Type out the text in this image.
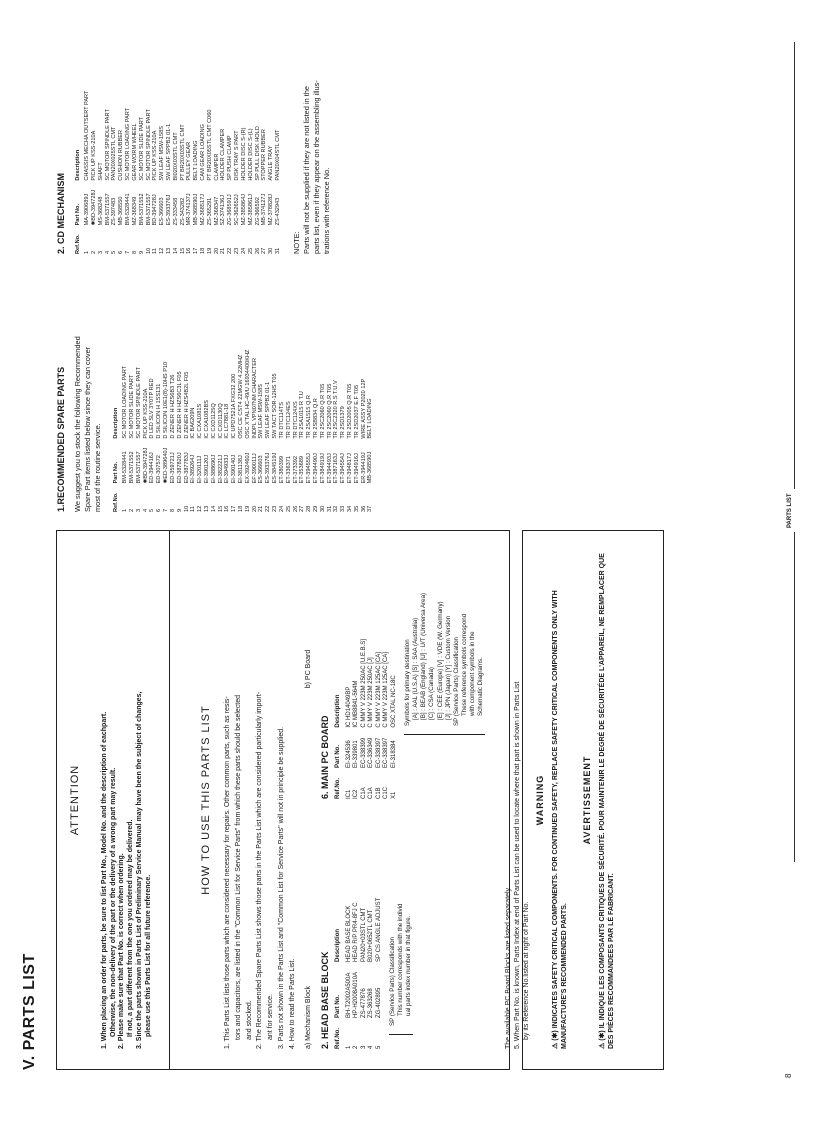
V. PARTS LIST
ATTENTION	1. When placing an order for parts, be sure to list Part No., Model No. and the description of eachpart. Otherwise, the non-delivery of the part or the delivery of a wrong part may result. 2. Please make sure that Part No. is correct when ordering. If not, a part different from the one you ordered may be delivered. 3. Since the parts shown in Parts List of Preliminary Service Manual may have been the subject of changes, please use this Parts List for all future reference.
HOW TO USE THIS PARTS LIST 1. This Parts List lists those parts which are considered necessary for repairs. Other common parts, such as resis- tors and capacitors, are listed in the "Common List for Service Parts" from which these parts should be selected and stocked. 2. The Recommended Spare Parts List shows those parts in the Parts List which are considered particularly import- ant for service. 3. Parts not shown in the Parts List and "Common List for Service Parts" will not in principle be supplied. 4. How to read the Parts List. a) Mechanism Block 2. HEAD BASE BLOCK Ref.No.	Part No.	Description
1	BH-T2002A500A	HEAD BASE BLOCK
2	HP-H2008A010A	HEAD R/P PR4-8FJ C
3	ZS-477876	PAN20+03STL CMT
4	ZS-363268	B020+0652TL CMT
5	ZG-402895	SP CS ANGLE ADJUST
SP (Service Parts) Classification This number corresponds with the individ ual parts index number in that figure.
b) PC Board
6. MAIN PC BOARD Ref.No.	Part No.	Description
IC1	EI-324536	IC HD14049BP
IC2	EI-339801	IC MB8841-564M
C1A	EC-338399	C MMY V 223M 250AC [U.E.B.S]
C1A	EC-336349	C MMY V 223M 250AC [J]
C1B	EC-338397	C MMY V 223M 125AC [CA]
C1C	EC-338397	C MMY V 223M 125AC [CA]
X1	EI-318384	OSC XTAL NC-18C Symbols for primary destination [A] : AAL (U.S.A) [S] : SAA (Australia) [B] : BEAB (England) [U] : U/T (Universa Area) [C] : CSA (Canada) [E] : CEE (Europe) [V] : VDE (W. Germany) [J] : JPN (Japan) [Y] : Custom Version SP (Service Parts) Classification These reference symbols correspond with component symbols in the Schematic Diagrams.
The available PC Board Blocks are listed separately. 5. When Part No. is known, Parts Index at end of Parts List can be used to locate where that part is shown in Parts List by its Reference No.listed at right of Part No.
WARNING	⚠ (✱) INDICATES SAFETY CRITICAL COMPONENTS. FOR CONTINUED SAFETY, REPLACE SAFETY CRITICAL COMPONENTS ONLY WITH MANUFACTURE'S RECOMMENDED PARTS.
AVERTISSEMENT	⚠ (✱) IL INDIQUE LES COMPOSANTS CRITIQUES DE SÉCURITÉ. POUR MAINTENIR LE DEGRÉ DE SÉCURITÉDE L'APPAREIL, NE REMPLACER QUE DES PIÈCES RECOMMANDEES PAR LÉ FABRICANT.
1.RECOMMENDED SPARE PARTS We suggest you to stock the following Recommended Spare Part items listed below since they can cover most of the routine service. Ref.No.	Part No.	Description
1	BM-5328441	SC MOTOR LOADING PART
2	BM-5371552	SC MOTOR SLIDE PART
3	BM-5371557	SC MOTOR SPINDLE PART
4	✱BD-394728J	PICK UP KSS-210A
5	ED-394416J	D LED SLV 3Y0TP RED
6	ED-307572	D SILICON H 1SS131
7	✱ED-389640J	D SILICON 10E1(8)-10HS P10
8	ED-359721J	D ZENER H HZS6B3 T26
9	ED-387820J	D ZENER H HZS6C3L F05
10	ED-387783J	D ZENER H HZS4B2L F05
11	EI-389264J	IC BA6209N
12	EI-320111J	IC CXA1081S
13	EI-390120J	IC CXA1082BS
14	EI-388690J	IC CXD1125Q
15	EI-382221J	IC CXD1130Q
16	EI-394933J	IC LC7881-18
17	EI-390140J	IC UPD7521A FXG32 200
18	EI-381138J	OSC CE CST4 22MGW 4.22MHZ
19	EX-392460J	OSC X'TAL HC-49/U 16934400KHZ
20	EF-390011J	INDPL VPN07NM CHARACTER
21	ES-366603	SW LEAF MSW-158S
22	ES-393376J	SW LEAF SPPB2 01-1
23	ES-384519J	SW TACT SOR-12HS T05
24	ET-380399	TR DTC114TS
25	ET-336371	TR DTC124ES
26	ET-373392	TR DTC124XS
27	ET-353689	TR 2SA1015 R T.U
28	ET-394555J	TR 2SA1515 Q.R
29	ET-394490J	TR 2SB834 Q.R
30	ET-384919J	TR 2SC2060 Q.R T05
31	ET-394493J	TR 2SC2060 Q.R T05
32	ET-387163J	TR 2SC2320 R.S T.U.V
33	ET-394554J	TR 2SD1379
34	ET-394817J	TR 2SD2005 Q.R T05
35	ET-394916J	TR 2SD2037 E.F T05
36	ER-394419J	WIRE ASSY P2020 12P
37	MB-368590J	BELT LOADING
2. CD MECHANISM Ref.No.	Part No.	Description
1	MA-390689J	CHASSIS MECHA OUTSERT PART
2	✱BD-394728J	PICK UP KSS-210A
3	MS-368248	SHAFT
4	BM-5371557	SC MOTOR SPINDLE PART
5	ZS-397483	PAN20X025STL CMT
6	MB-368550	CUSHION RUBBER
7	BM-5328441	SC MOTOR LOADING PART
8	MZ-368349	GEAR WORM WHEEL
9	BM-5371552	SC MOTOR SLIDE PART
10	BM-5371557	SC MOTOR SPINDLE PART
11	BD-394728J	PICK UP KSS-210A
12	ES-366603	SW LEAF MSW-158S
13	ES-393376J	SW LEAF SPPB2 01-1
14	ZS-333458	BI020X03STL CMT
15	ZS-343282	PT BR20X03STL CMT
16	MR-374137J	PULLEY GEAR
17	MB-368590J	BELT LOADING
18	MZ-368517J	CAM GEAR LOADING
19	ZS-365291	PT BR20X05STL CMT C060
20	MZ-368347	CLAMPER
21	SZ-374136J	HOLDER CLAMPER
22	ZG-368591J	SP PUSH CLAMP
23	SC-362652J	DISK TRAY S PART
24	MZ-385864J	HOLDER DISC S-(R)
25	MZ-385861J	HOLDER DISC S-(L)
26	ZG-366592	SP PULL DISK HOLD
27	MB-374127J	STOPPER RUBBER
30	MZ-378828J	ANGLE TRAY
31	ZS-432943	PAN20X04STL CMT
NOTE: Parts will not be supplied if they are not listed in the parts list, even if they appear on the assembling illus- trations with reference No.
8
PARTS LIST
